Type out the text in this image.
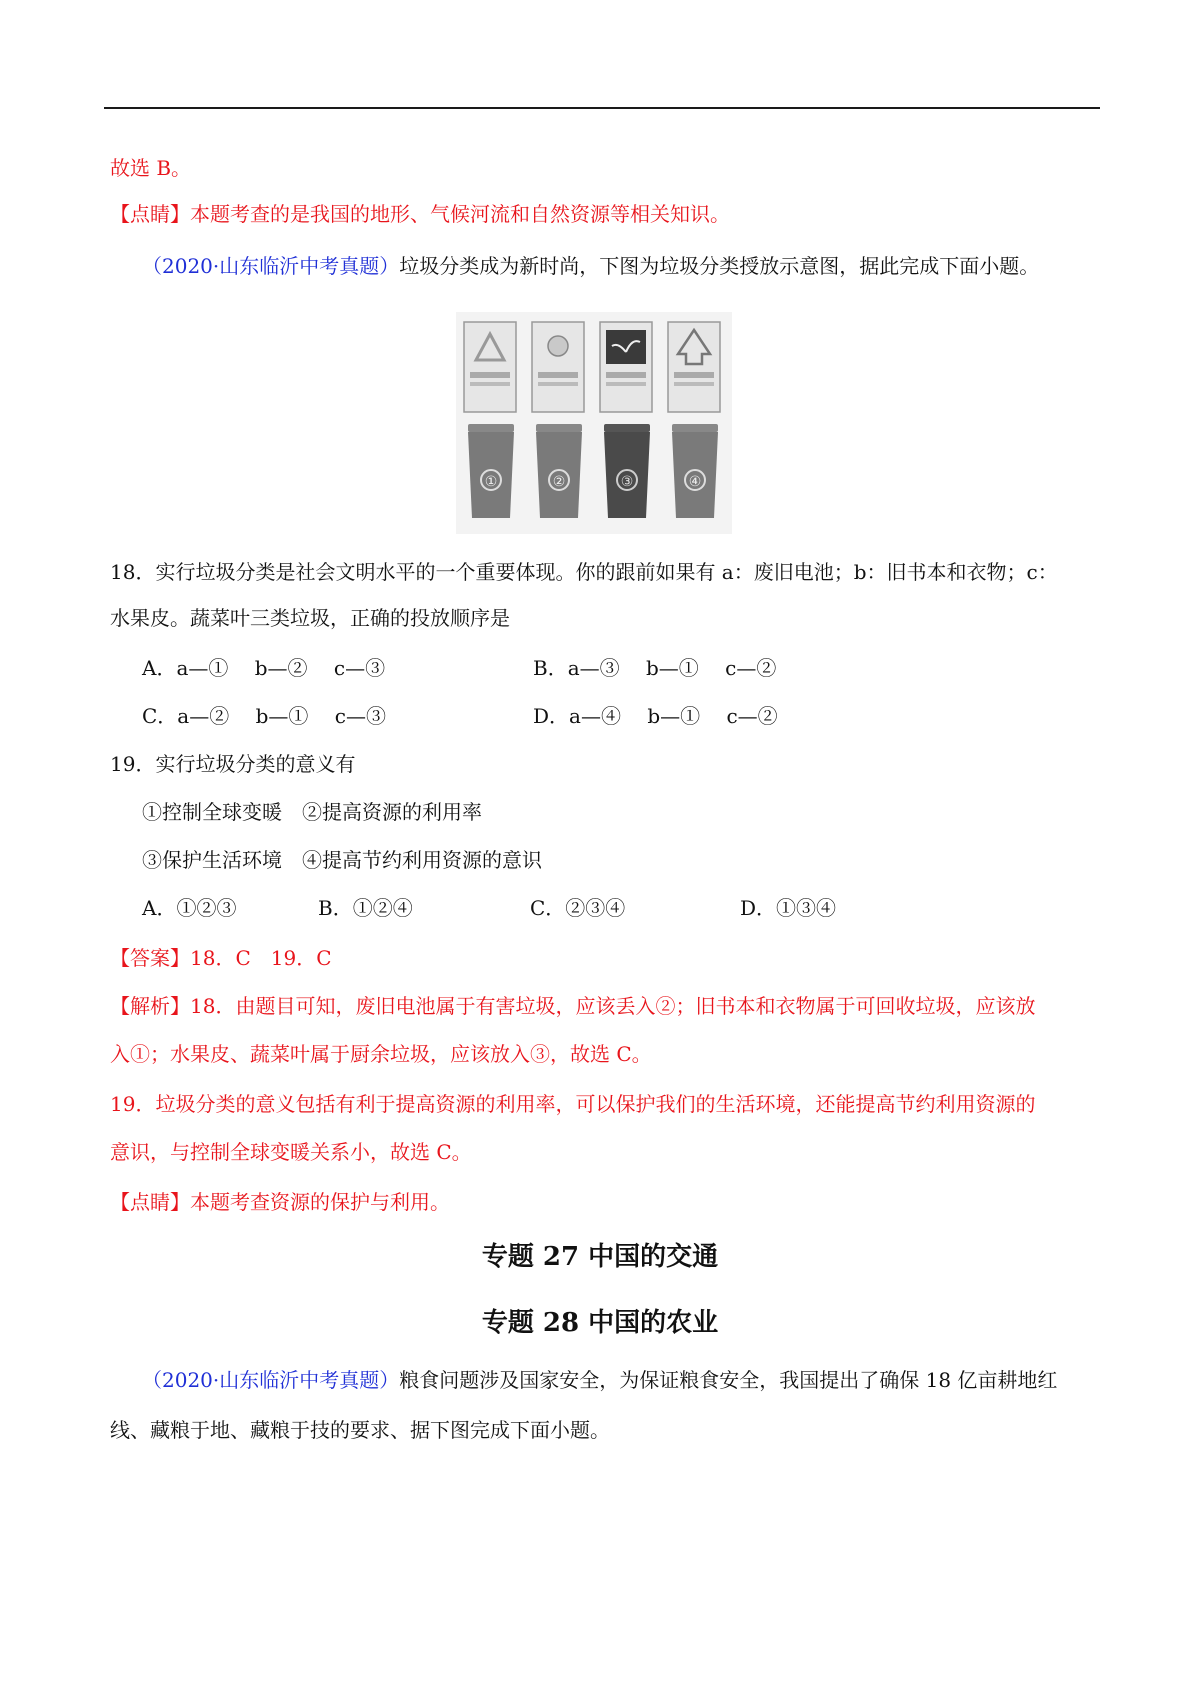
故选 B。
【点睛】本题考查的是我国的地形、气候河流和自然资源等相关知识。
（2020·山东临沂中考真题）垃圾分类成为新时尚，下图为垃圾分类授放示意图，据此完成下面小题。
①	②	③	④
18．实行垃圾分类是社会文明水平的一个重要体现。你的跟前如果有 a：废旧电池；b：旧书本和衣物；c：
水果皮。蔬菜叶三类垃圾，正确的投放顺序是
A．a—①　 b—②　 c—③	B．a—③　 b—①　 c—②
C．a—②　 b—①　 c—③	D．a—④　 b—①　 c—②
19．实行垃圾分类的意义有
①控制全球变暖　②提高资源的利用率
③保护生活环境　④提高节约利用资源的意识
A．①②③	B．①②④	C．②③④	D．①③④
【答案】18．C　19．C
【解析】18．由题目可知，废旧电池属于有害垃圾，应该丢入②；旧书本和衣物属于可回收垃圾，应该放
入①；水果皮、蔬菜叶属于厨余垃圾，应该放入③，故选 C。
19．垃圾分类的意义包括有利于提高资源的利用率，可以保护我们的生活环境，还能提高节约利用资源的
意识，与控制全球变暖关系小，故选 C。
【点睛】本题考查资源的保护与利用。
专题 27 中国的交通
专题 28 中国的农业
（2020·山东临沂中考真题）粮食问题涉及国家安全，为保证粮食安全，我国提出了确保 18 亿亩耕地红
线、藏粮于地、藏粮于技的要求、据下图完成下面小题。
